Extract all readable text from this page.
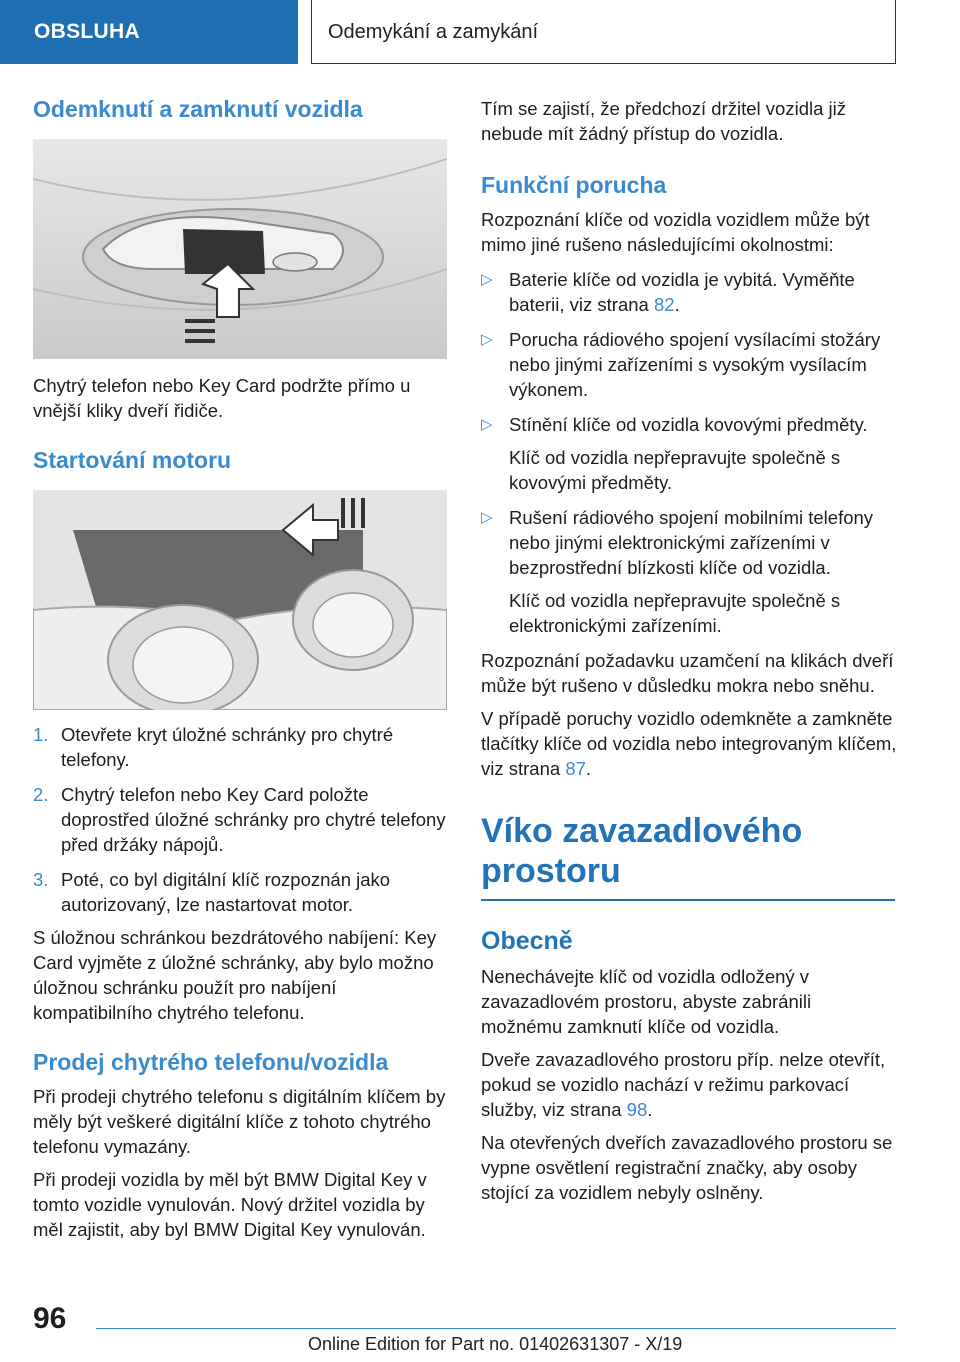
OBSLUHA	Odemykání a zamykání
Odemknutí a zamknutí vozidla

Chytrý telefon nebo Key Card podržte přímo u vnější kliky dveří řidiče.

Startování motoru
1. Otevřete kryt úložné schránky pro chytré telefony.
2. Chytrý telefon nebo Key Card položte doprostřed úložné schránky pro chytré telefony před držáky nápojů.
3. Poté, co byl digitální klíč rozpoznán jako autorizovaný, lze nastartovat motor.

S úložnou schránkou bezdrátového nabíjení: Key Card vyjměte z úložné schránky, aby bylo možno úložnou schránku použít pro nabíjení kompatibilního chytrého telefonu.

Prodej chytrého telefonu/vozidla

Při prodeji chytrého telefonu s digitálním klíčem by měly být veškeré digitální klíče z tohoto chytrého telefonu vymazány.

Při prodeji vozidla by měl být BMW Digital Key v tomto vozidle vynulován. Nový držitel vozidla by měl zajistit, aby byl BMW Digital Key vynulován.

Tím se zajistí, že předchozí držitel vozidla již nebude mít žádný přístup do vozidla.

Funkční porucha

Rozpoznání klíče od vozidla vozidlem může být mimo jiné rušeno následujícími okolnostmi:

▷ Baterie klíče od vozidla je vybitá. Vyměňte baterii, viz strana 82.
▷ Porucha rádiového spojení vysílacími stožáry nebo jinými zařízeními s vysokým vysílacím výkonem.
▷ Stínění klíče od vozidla kovovými předměty.

Klíč od vozidla nepřepravujte společně s kovovými předměty.

▷ Rušení rádiového spojení mobilními telefony nebo jinými elektronickými zařízeními v bezprostřední blízkosti klíče od vozidla.

Klíč od vozidla nepřepravujte společně s elektronickými zařízeními.

Rozpoznání požadavku uzamčení na klikách dveří může být rušeno v důsledku mokra nebo sněhu.

V případě poruchy vozidlo odemkněte a zamkněte tlačítky klíče od vozidla nebo integrovaným klíčem, viz strana 87.

Víko zavazadlového prostoru
Obecně

Nenechávejte klíč od vozidla odložený v zavazadlovém prostoru, abyste zabránili možnému zamknutí klíče od vozidla.

Dveře zavazadlového prostoru příp. nelze otevřít, pokud se vozidlo nachází v režimu parkovací služby, viz strana 98.

Na otevřených dveřích zavazadlového prostoru se vypne osvětlení registrační značky, aby osoby stojící za vozidlem nebyly oslněny.

96
Online Edition for Part no. 01402631307 - X/19
